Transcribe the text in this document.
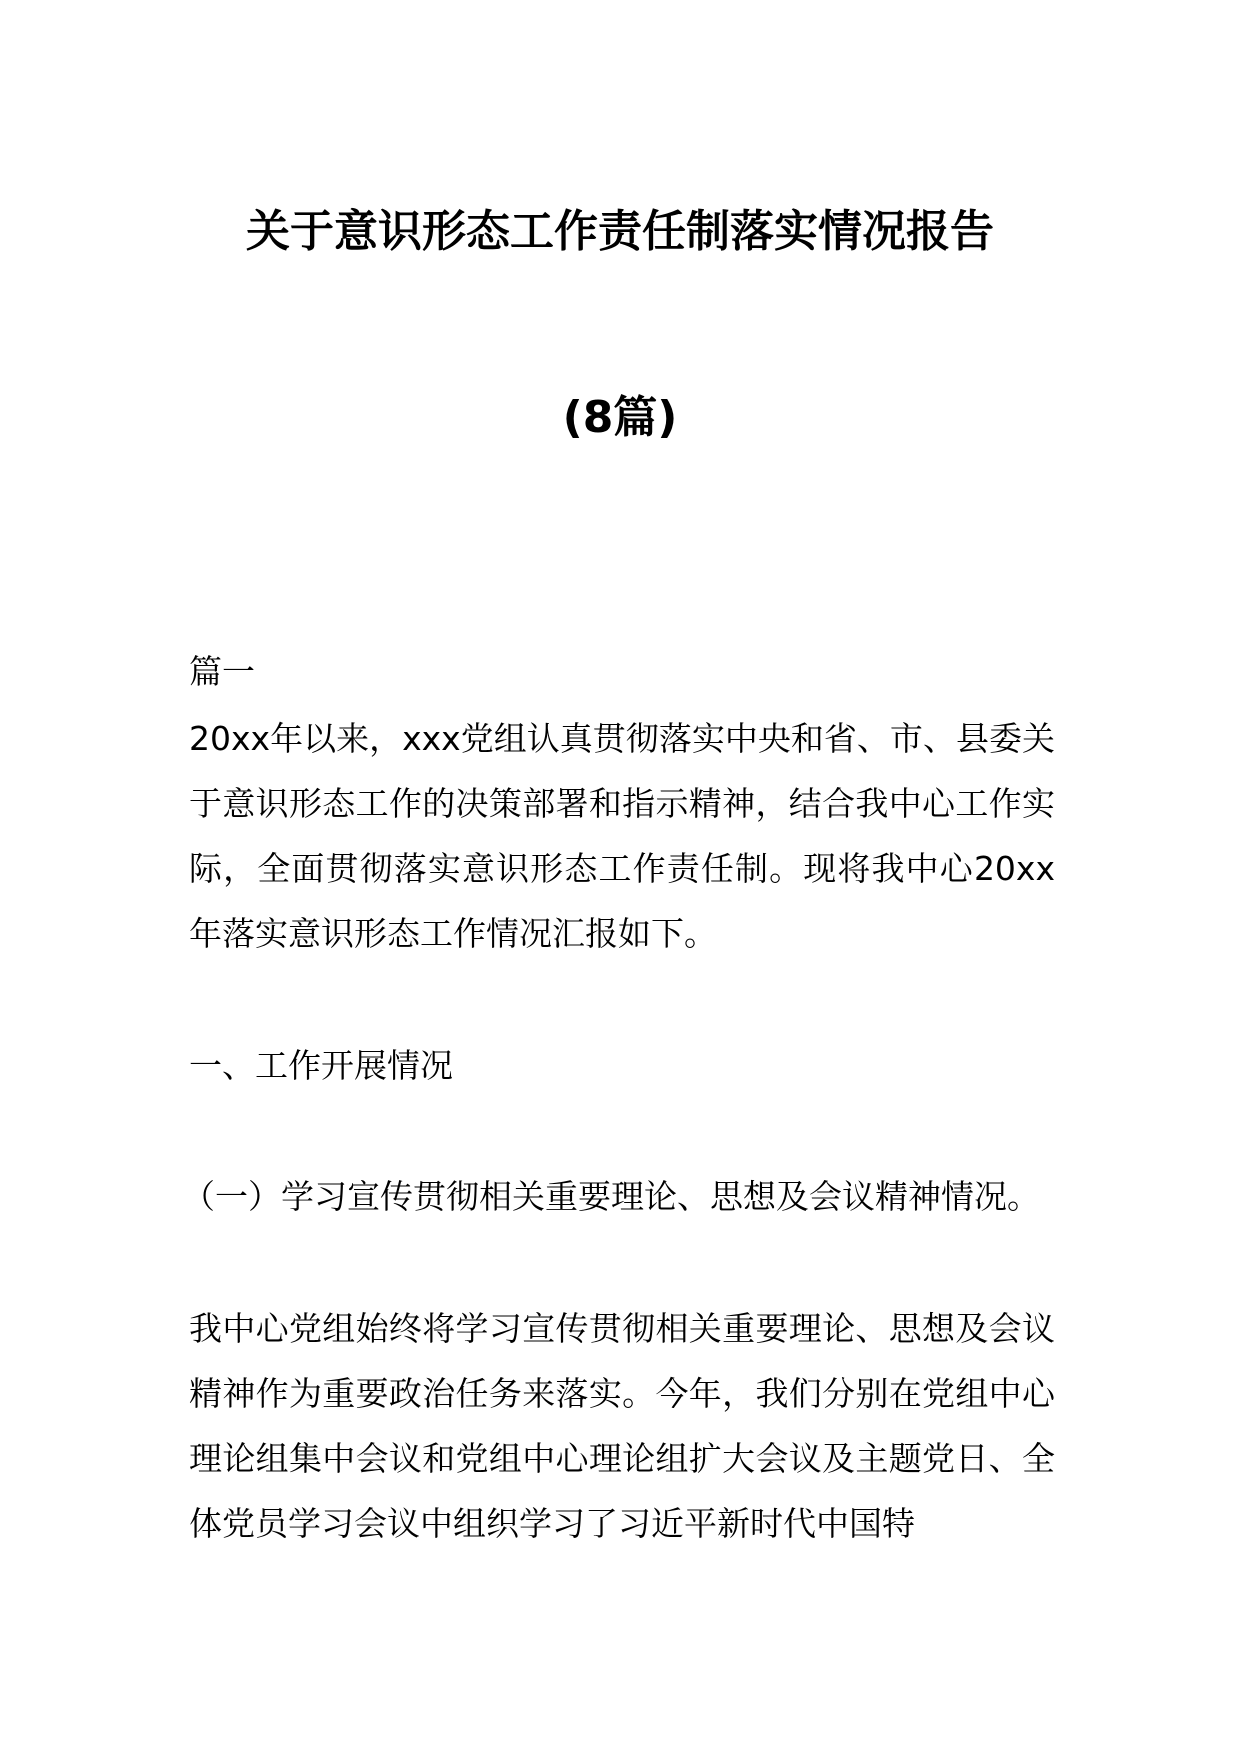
关于意识形态工作责任制落实情况报告
(8篇)

篇一

20xx年以来，xxx党组认真贯彻落实中央和省、市、县委关于意识形态工作的决策部署和指示精神，结合我中心工作实际，全面贯彻落实意识形态工作责任制。现将我中心20xx年落实意识形态工作情况汇报如下。

一、工作开展情况

（一）学习宣传贯彻相关重要理论、思想及会议精神情况。

我中心党组始终将学习宣传贯彻相关重要理论、思想及会议精神作为重要政治任务来落实。今年，我们分别在党组中心理论组集中会议和党组中心理论组扩大会议及主题党日、全体党员学习会议中组织学习了习近平新时代中国特
